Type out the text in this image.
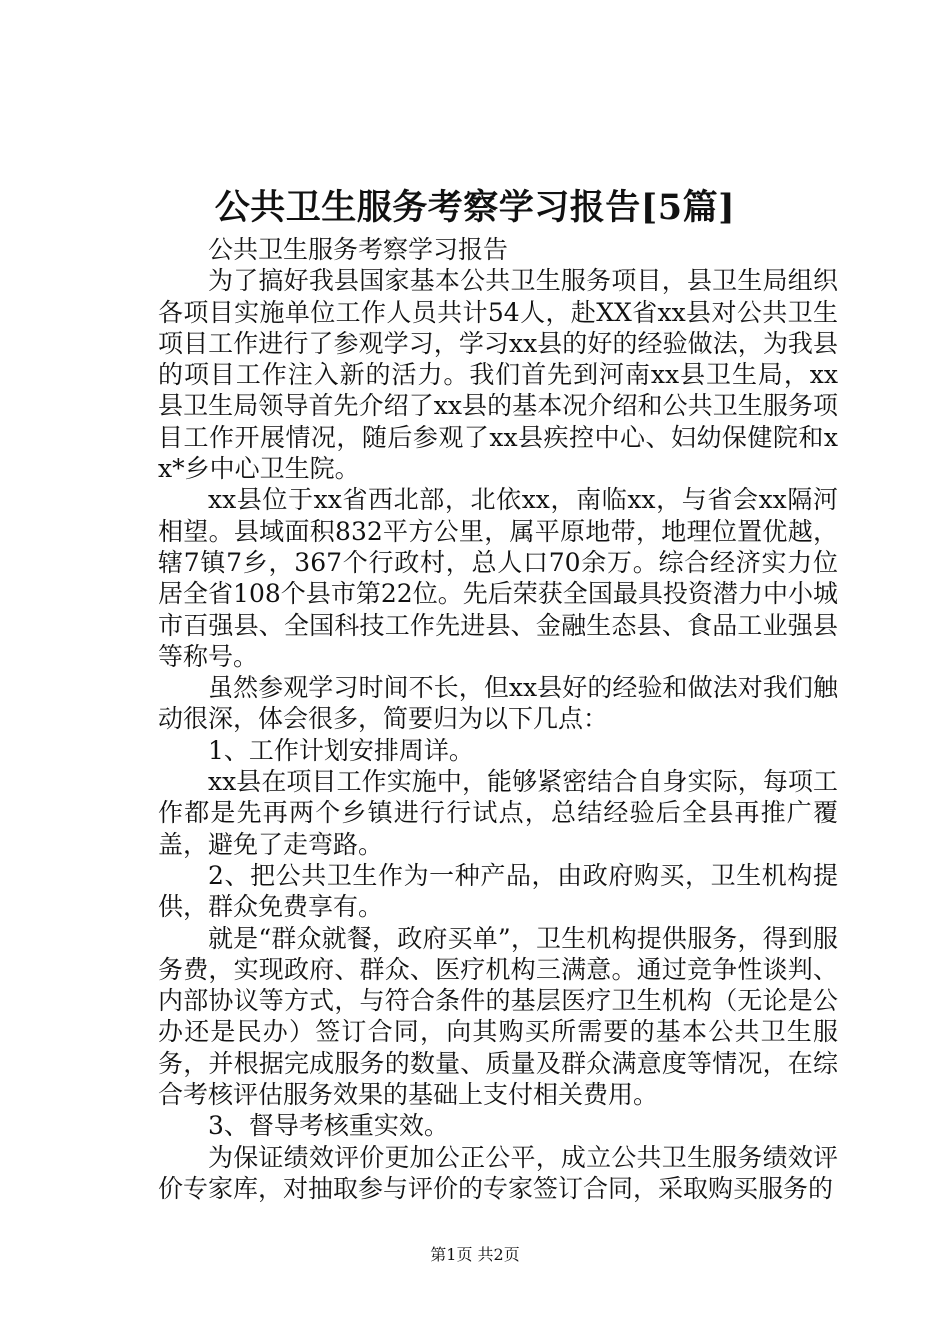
公共卫生服务考察学习报告[5篇]

公共卫生服务考察学习报告

为了搞好我县国家基本公共卫生服务项目，县卫生局组织各项目实施单位工作人员共计54人，赴XX省xx县对公共卫生项目工作进行了参观学习，学习xx县的好的经验做法，为我县的项目工作注入新的活力。我们首先到河南xx县卫生局，xx县卫生局领导首先介绍了xx县的基本况介绍和公共卫生服务项目工作开展情况，随后参观了xx县疾控中心、妇幼保健院和xx*乡中心卫生院。

xx县位于xx省西北部，北依xx，南临xx，与省会xx隔河相望。县域面积832平方公里，属平原地带，地理位置优越，辖7镇7乡，367个行政村，总人口70余万。综合经济实力位居全省108个县市第22位。先后荣获全国最具投资潜力中小城市百强县、全国科技工作先进县、金融生态县、食品工业强县等称号。

虽然参观学习时间不长，但xx县好的经验和做法对我们触动很深，体会很多，简要归为以下几点：

1、工作计划安排周详。

xx县在项目工作实施中，能够紧密结合自身实际，每项工作都是先再两个乡镇进行行试点，总结经验后全县再推广覆盖，避免了走弯路。

2、把公共卫生作为一种产品，由政府购买，卫生机构提供，群众免费享有。

就是“群众就餐，政府买单”，卫生机构提供服务，得到服务费，实现政府、群众、医疗机构三满意。通过竞争性谈判、内部协议等方式，与符合条件的基层医疗卫生机构（无论是公办还是民办）签订合同，向其购买所需要的基本公共卫生服务，并根据完成服务的数量、质量及群众满意度等情况，在综合考核评估服务效果的基础上支付相关费用。

3、督导考核重实效。

为保证绩效评价更加公正公平，成立公共卫生服务绩效评价专家库，对抽取参与评价的专家签订合同，采取购买服务的

第1页 共2页
